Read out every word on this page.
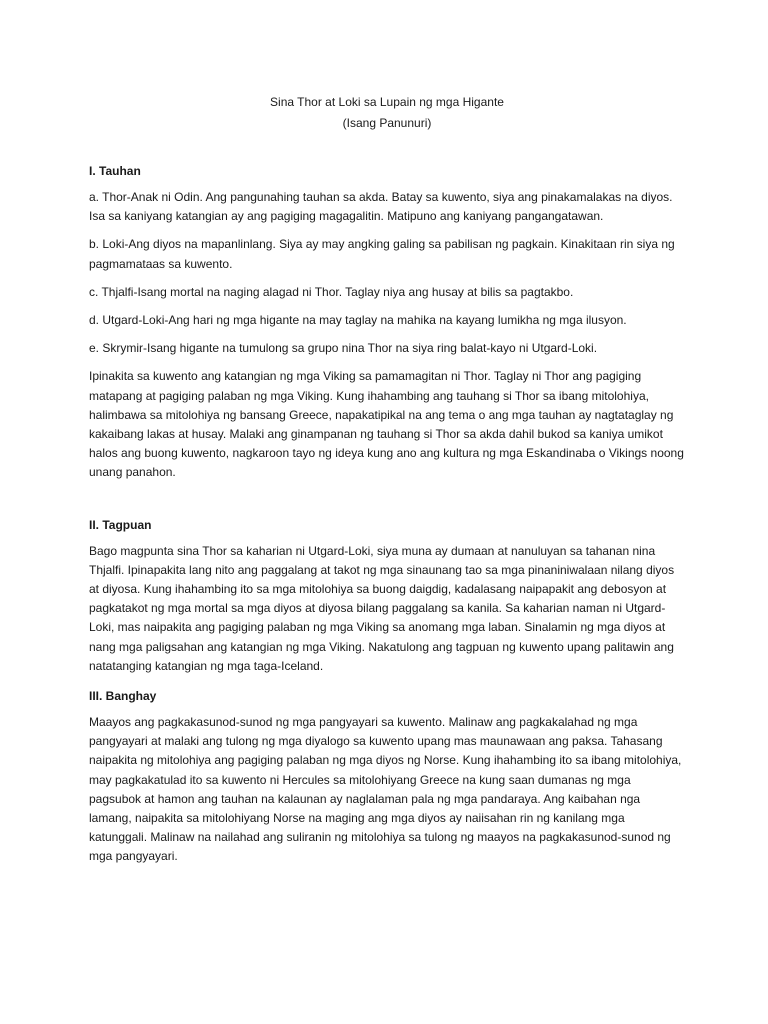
Sina Thor at Loki sa Lupain ng mga Higante
(Isang Panunuri)
I. Tauhan

a. Thor-Anak ni Odin. Ang pangunahing tauhan sa akda. Batay sa kuwento, siya ang pinakamalakas na diyos. Isa sa kaniyang katangian ay ang pagiging magagalitin. Matipuno ang kaniyang pangangatawan.

b. Loki-Ang diyos na mapanlinlang. Siya ay may angking galing sa pabilisan ng pagkain. Kinakitaan rin siya ng pagmamataas sa kuwento.

c. Thjalfi-Isang mortal na naging alagad ni Thor. Taglay niya ang husay at bilis sa pagtakbo.

d. Utgard-Loki-Ang hari ng mga higante na may taglay na mahika na kayang lumikha ng mga ilusyon.

e. Skrymir-Isang higante na tumulong sa grupo nina Thor na siya ring balat-kayo ni Utgard-Loki.

Ipinakita sa kuwento ang katangian ng mga Viking sa pamamagitan ni Thor. Taglay ni Thor ang pagiging matapang at pagiging palaban ng mga Viking. Kung ihahambing ang tauhang si Thor sa ibang mitolohiya, halimbawa sa mitolohiya ng bansang Greece, napakatipikal na ang tema o ang mga tauhan ay nagtataglay ng kakaibang lakas at husay. Malaki ang ginampanan ng tauhang si Thor sa akda dahil bukod sa kaniya umikot halos ang buong kuwento, nagkaroon tayo ng ideya kung ano ang kultura ng mga Eskandinaba o Vikings noong unang panahon.

II. Tagpuan

Bago magpunta sina Thor sa kaharian ni Utgard-Loki, siya muna ay dumaan at nanuluyan sa tahanan nina Thjalfi. Ipinapakita lang nito ang paggalang at takot ng mga sinaunang tao sa mga pinaniniwalaan nilang diyos at diyosa. Kung ihahambing ito sa mga mitolohiya sa buong daigdig, kadalasang naipapakit ang debosyon at pagkatakot ng mga mortal sa mga diyos at diyosa bilang paggalang sa kanila. Sa kaharian naman ni Utgard-Loki, mas naipakita ang pagiging palaban ng mga Viking sa anomang mga laban. Sinalamin ng mga diyos at nang mga paligsahan ang katangian ng mga Viking. Nakatulong ang tagpuan ng kuwento upang palitawin ang natatanging katangian ng mga taga-Iceland.

III. Banghay

Maayos ang pagkakasunod-sunod ng mga pangyayari sa kuwento. Malinaw ang pagkakalahad ng mga pangyayari at malaki ang tulong ng mga diyalogo sa kuwento upang mas maunawaan ang paksa. Tahasang naipakita ng mitolohiya ang pagiging palaban ng mga diyos ng Norse. Kung ihahambing ito sa ibang mitolohiya, may pagkakatulad ito sa kuwento ni Hercules sa mitolohiyang Greece na kung saan dumanas ng mga pagsubok at hamon ang tauhan na kalaunan ay naglalaman pala ng mga pandaraya. Ang kaibahan nga lamang, naipakita sa mitolohiyang Norse na maging ang mga diyos ay naiisahan rin ng kanilang mga katunggali. Malinaw na nailahad ang suliranin ng mitolohiya sa tulong ng maayos na pagkakasunod-sunod ng mga pangyayari.
